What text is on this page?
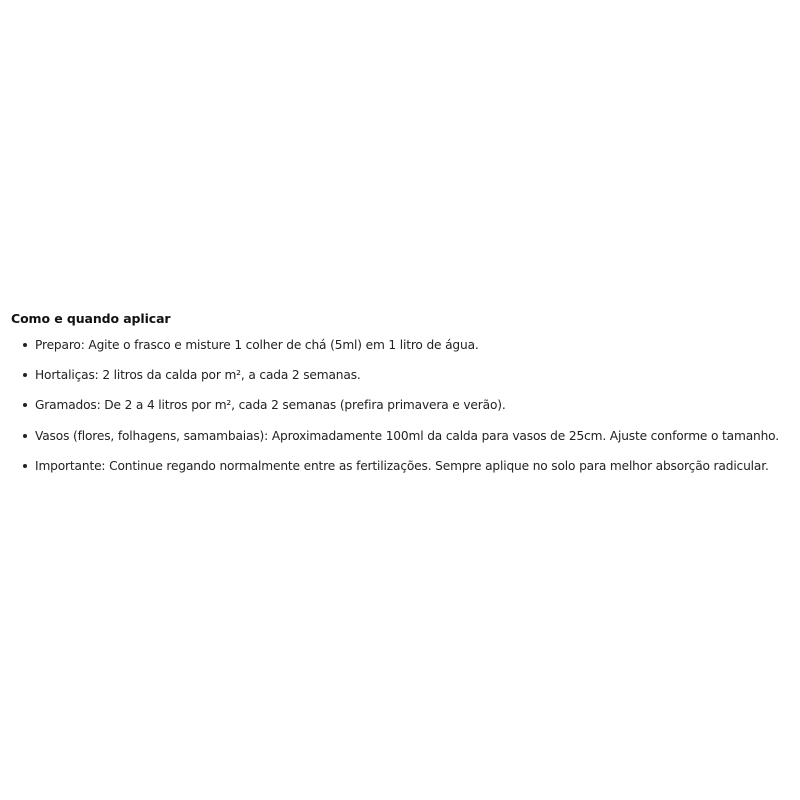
Como e quando aplicar
Preparo: Agite o frasco e misture 1 colher de chá (5ml) em 1 litro de água.
Hortaliças: 2 litros da calda por m², a cada 2 semanas.
Gramados: De 2 a 4 litros por m², cada 2 semanas (prefira primavera e verão).
Vasos (flores, folhagens, samambaias): Aproximadamente 100ml da calda para vasos de 25cm. Ajuste conforme o tamanho.
Importante: Continue regando normalmente entre as fertilizações. Sempre aplique no solo para melhor absorção radicular.
